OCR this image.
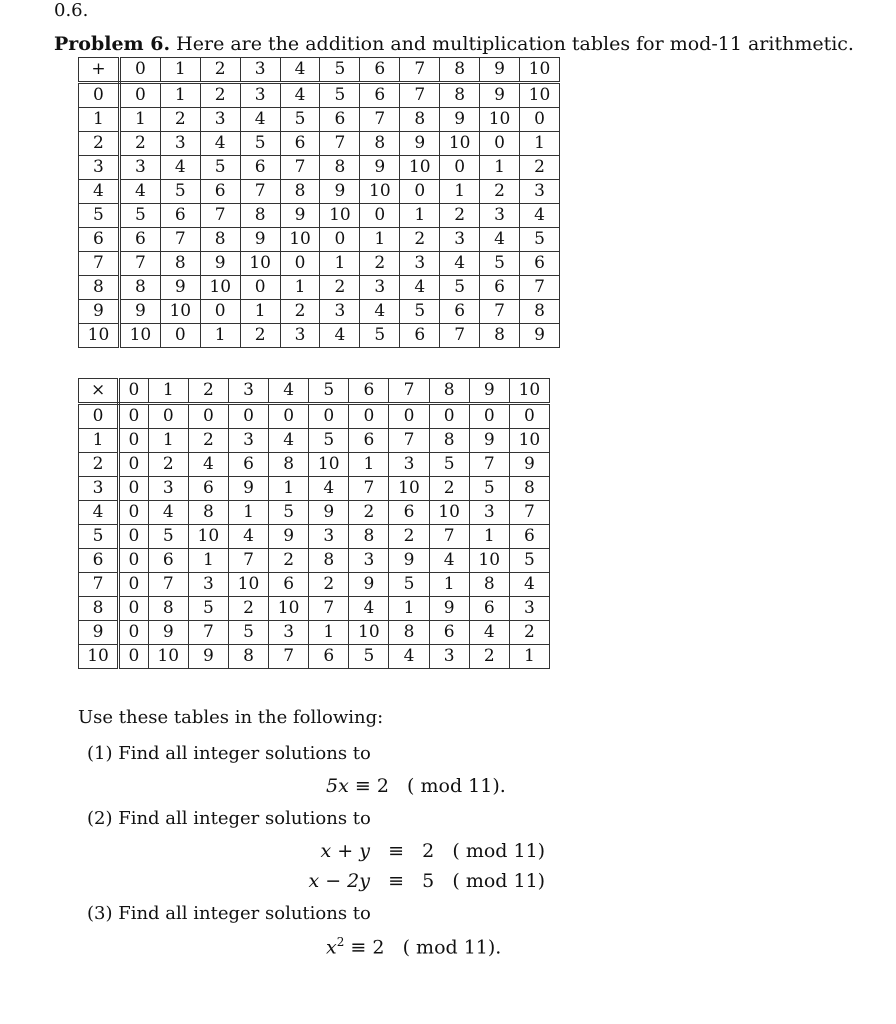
0.6.
Problem 6. Here are the addition and multiplication tables for mod-11 arithmetic.
+	0	1	2	3	4	5	6	7	8	9	10
0	0	1	2	3	4	5	6	7	8	9	10
1	1	2	3	4	5	6	7	8	9	10	0
2	2	3	4	5	6	7	8	9	10	0	1
3	3	4	5	6	7	8	9	10	0	1	2
4	4	5	6	7	8	9	10	0	1	2	3
5	5	6	7	8	9	10	0	1	2	3	4
6	6	7	8	9	10	0	1	2	3	4	5
7	7	8	9	10	0	1	2	3	4	5	6
8	8	9	10	0	1	2	3	4	5	6	7
9	9	10	0	1	2	3	4	5	6	7	8
10	10	0	1	2	3	4	5	6	7	8	9
×	0	1	2	3	4	5	6	7	8	9	10
0	0	0	0	0	0	0	0	0	0	0	0
1	0	1	2	3	4	5	6	7	8	9	10
2	0	2	4	6	8	10	1	3	5	7	9
3	0	3	6	9	1	4	7	10	2	5	8
4	0	4	8	1	5	9	2	6	10	3	7
5	0	5	10	4	9	3	8	2	7	1	6
6	0	6	1	7	2	8	3	9	4	10	5
7	0	7	3	10	6	2	9	5	1	8	4
8	0	8	5	2	10	7	4	1	9	6	3
9	0	9	7	5	3	1	10	8	6	4	2
10	0	10	9	8	7	6	5	4	3	2	1
Use these tables in the following:
(1) Find all integer solutions to
5x ≡ 2 ( mod 11).
(2) Find all integer solutions to
x + y ≡ 2 ( mod 11)
x − 2y ≡ 5 ( mod 11)
(3) Find all integer solutions to
$x^2 \equiv 2$ ( mod 11).
